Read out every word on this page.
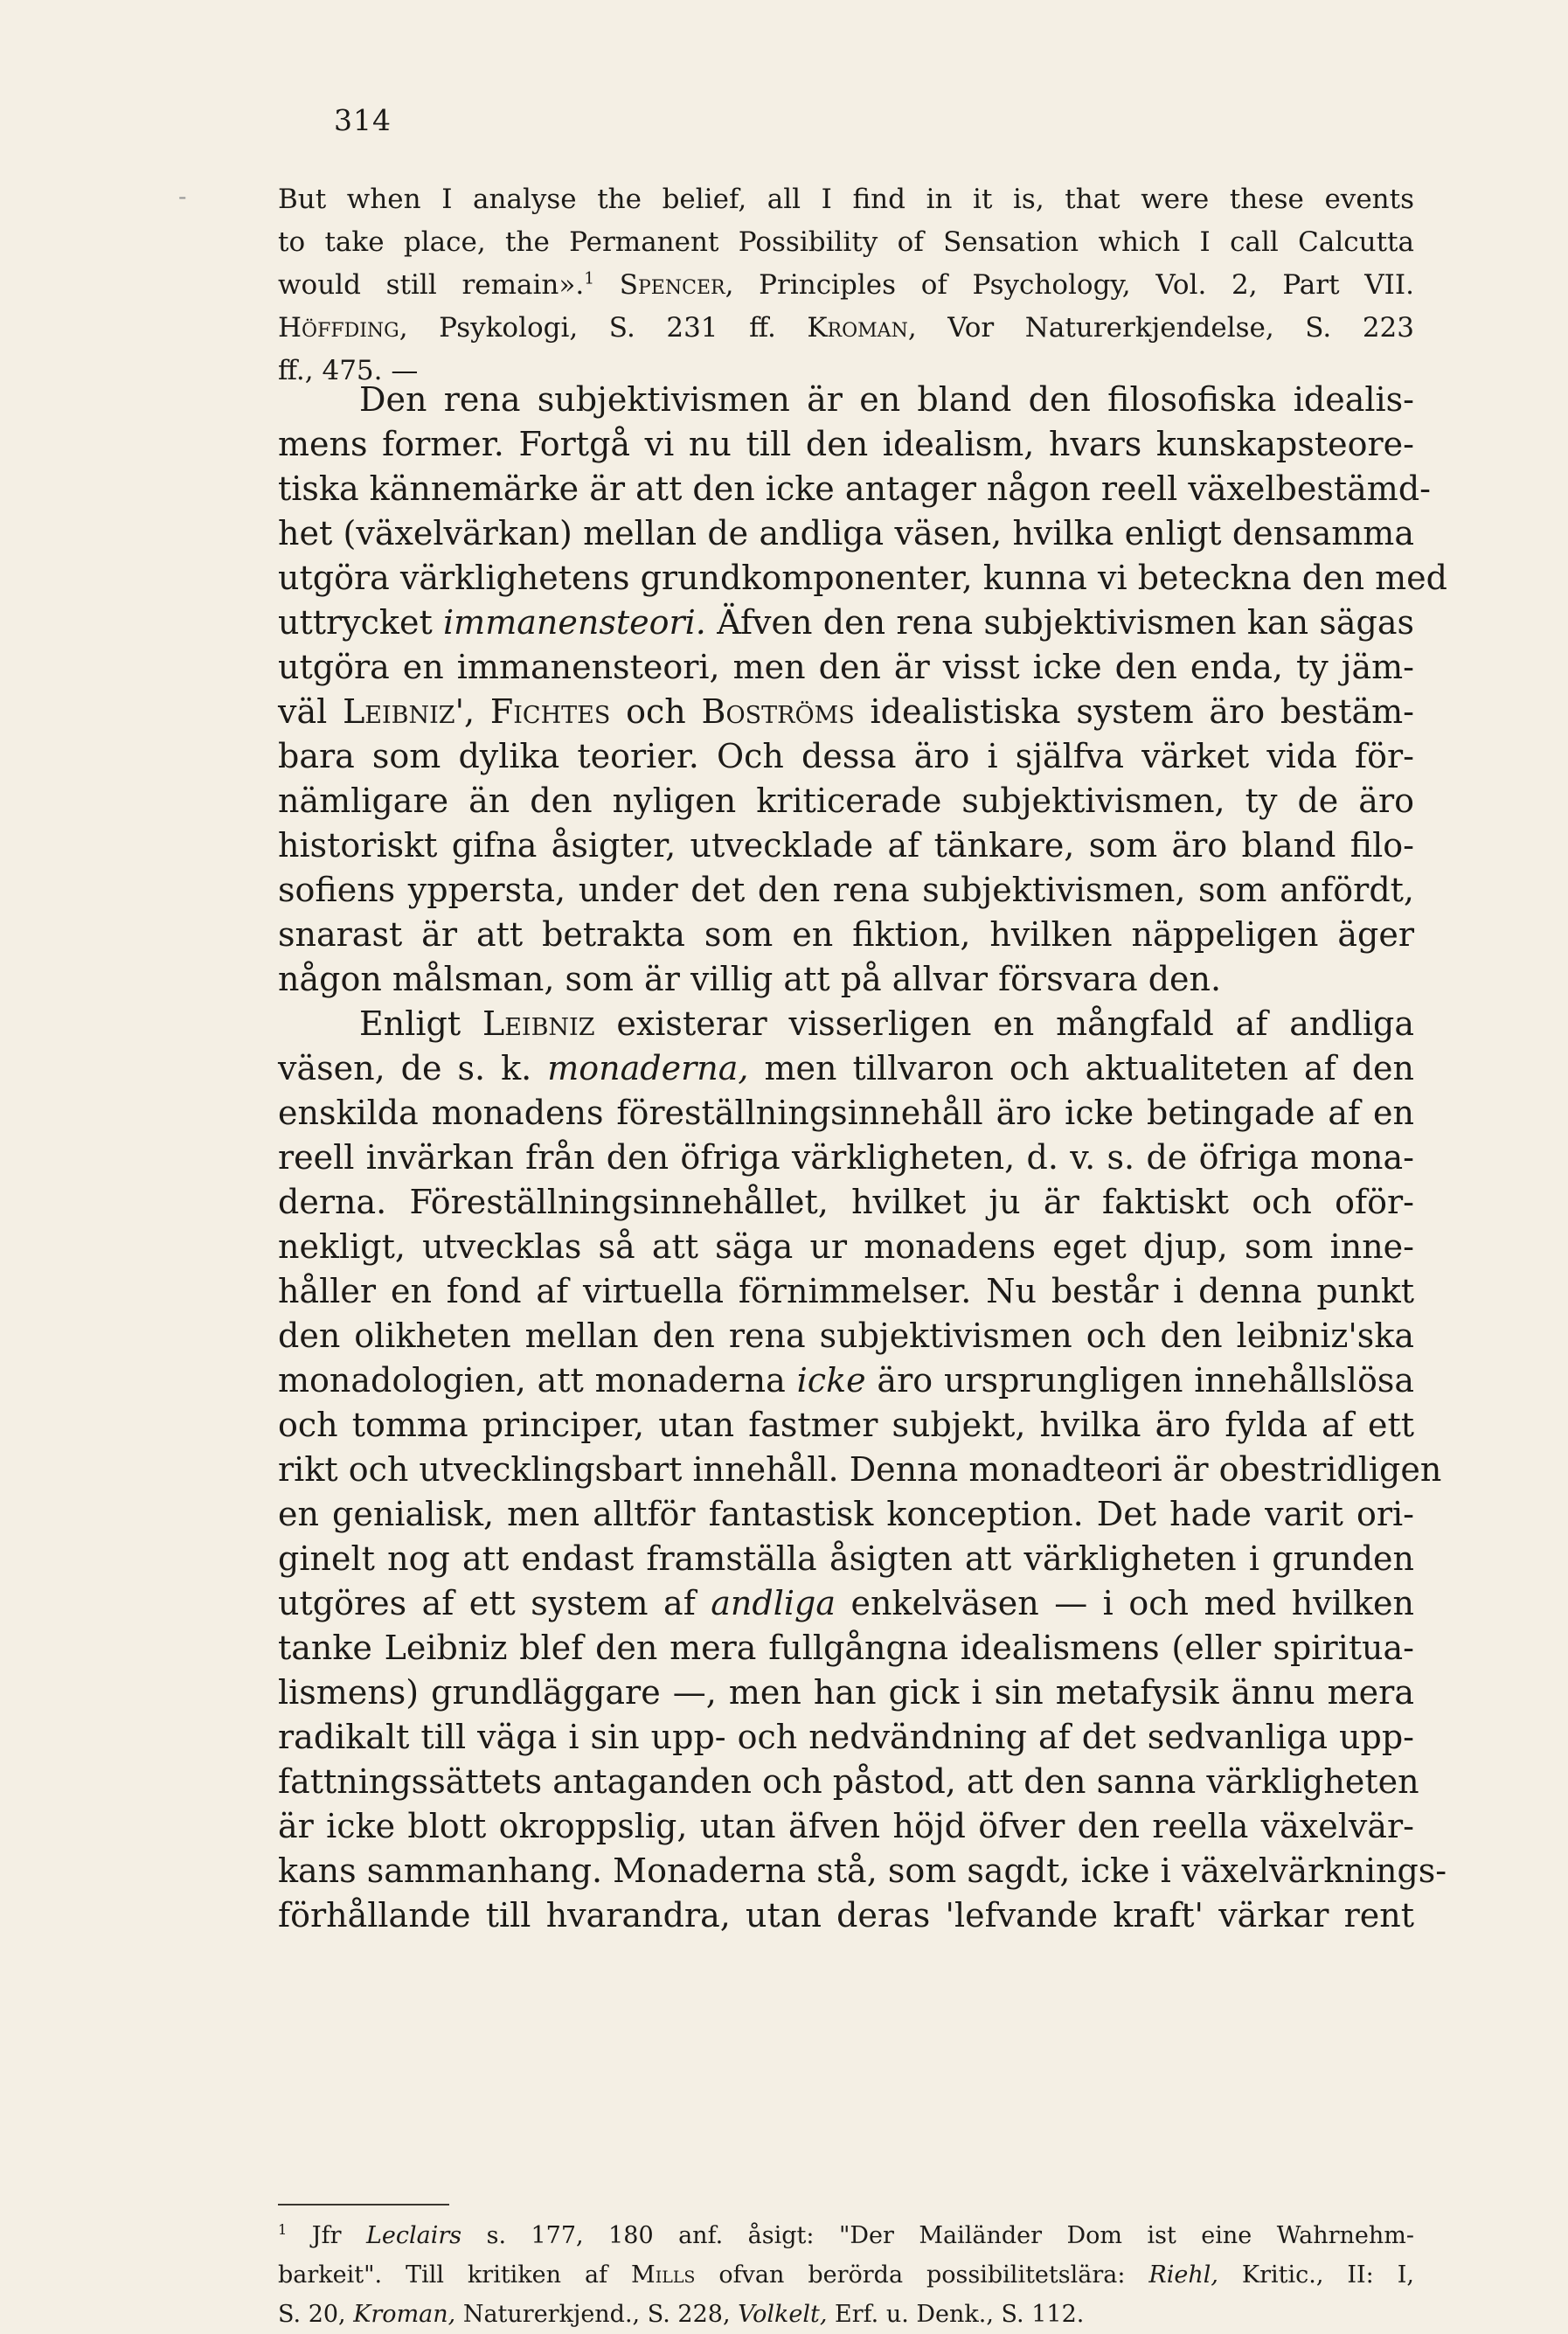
314
-	But when I analyse the belief, all I find in it is, that were these events
to take place, the Permanent Possibility of Sensation which I call Calcutta
would still remain».$^1$ Spencer, Principles of Psychology, Vol. 2, Part VII.
Höffding, Psykologi, S. 231 ff. Kroman, Vor Naturerkjendelse, S. 223
ff., 475. —
Den rena subjektivismen är en bland den filosofiska idealis-
mens former. Fortgå vi nu till den idealism, hvars kunskapsteore-
tiska kännemärke är att den icke antager någon reell växelbestämd-
het (växelvärkan) mellan de andliga väsen, hvilka enligt densamma
utgöra värklighetens grundkomponenter, kunna vi beteckna den med
uttrycket immanensteori. Äfven den rena subjektivismen kan sägas
utgöra en immanensteori, men den är visst icke den enda, ty jäm-
väl Leibniz', Fichtes och Boströms idealistiska system äro bestäm-
bara som dylika teorier. Och dessa äro i själfva värket vida för-
nämligare än den nyligen kriticerade subjektivismen, ty de äro
historiskt gifna åsigter, utvecklade af tänkare, som äro bland filo-
sofiens yppersta, under det den rena subjektivismen, som anfördt,
snarast är att betrakta som en fiktion, hvilken näppeligen äger
någon målsman, som är villig att på allvar försvara den.
Enligt Leibniz existerar visserligen en mångfald af andliga
väsen, de s. k. monaderna, men tillvaron och aktualiteten af den
enskilda monadens föreställningsinnehåll äro icke betingade af en
reell invärkan från den öfriga värkligheten, d. v. s. de öfriga mona-
derna. Föreställningsinnehållet, hvilket ju är faktiskt och oför-
nekligt, utvecklas så att säga ur monadens eget djup, som inne-
håller en fond af virtuella förnimmelser. Nu består i denna punkt
den olikheten mellan den rena subjektivismen och den leibniz'ska
monadologien, att monaderna icke äro ursprungligen innehållslösa
och tomma principer, utan fastmer subjekt, hvilka äro fylda af ett
rikt och utvecklingsbart innehåll. Denna monadteori är obestridligen
en genialisk, men alltför fantastisk konception. Det hade varit ori-
ginelt nog att endast framställa åsigten att värkligheten i grunden
utgöres af ett system af andliga enkelväsen — i och med hvilken
tanke Leibniz blef den mera fullgångna idealismens (eller spiritua-
lismens) grundläggare —, men han gick i sin metafysik ännu mera
radikalt till väga i sin upp- och nedvändning af det sedvanliga upp-
fattningssättets antaganden och påstod, att den sanna värkligheten
är icke blott okroppslig, utan äfven höjd öfver den reella växelvär-
kans sammanhang. Monaderna stå, som sagdt, icke i växelvärknings-
förhållande till hvarandra, utan deras 'lefvande kraft' värkar rent
$^1$ Jfr Leclairs s. 177, 180 anf. åsigt: "Der Mailänder Dom ist eine Wahrnehm-
barkeit". Till kritiken af Mills ofvan berörda possibilitetslära: Riehl, Kritic., II: I,
S. 20, Kroman, Naturerkjend., S. 228, Volkelt, Erf. u. Denk., S. 112.
